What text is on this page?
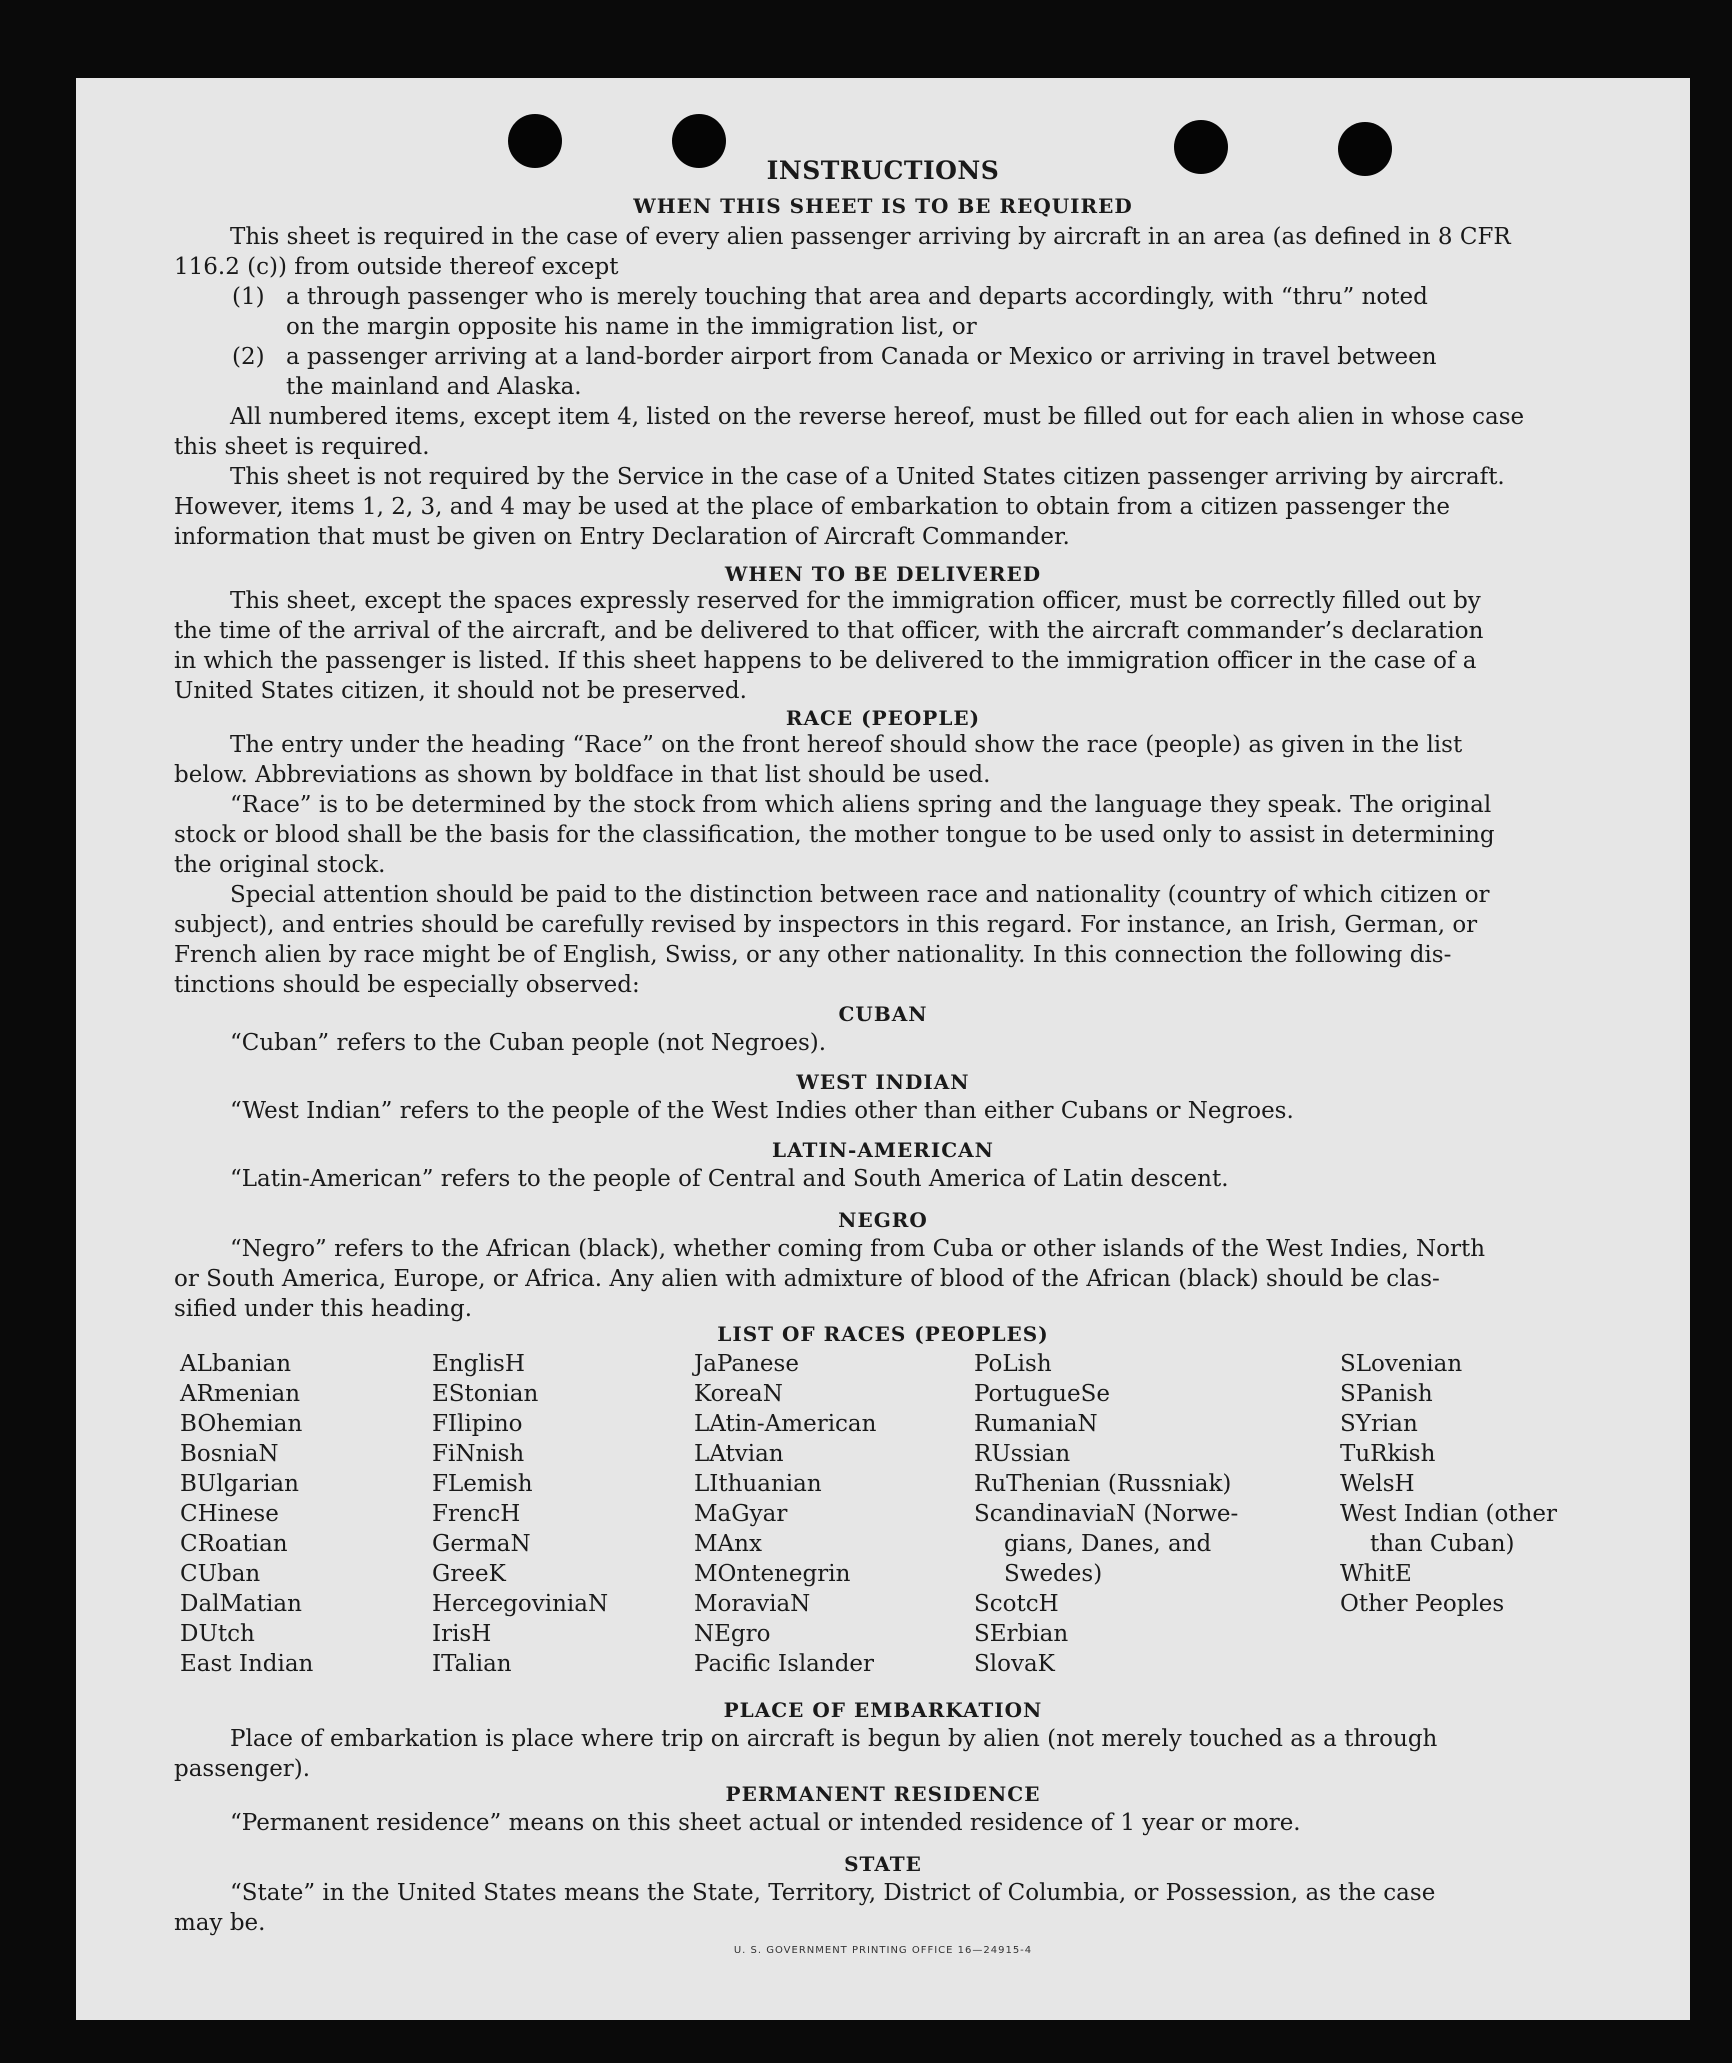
INSTRUCTIONS
WHEN THIS SHEET IS TO BE REQUIRED
This sheet is required in the case of every alien passenger arriving by aircraft in an area (as defined in 8 CFR
116.2 (c)) from outside thereof except
(1) a through passenger who is merely touching that area and departs accordingly, with “thru” noted
on the margin opposite his name in the immigration list, or
(2) a passenger arriving at a land-border airport from Canada or Mexico or arriving in travel between
the mainland and Alaska.
All numbered items, except item 4, listed on the reverse hereof, must be filled out for each alien in whose case
this sheet is required.
This sheet is not required by the Service in the case of a United States citizen passenger arriving by aircraft.
However, items 1, 2, 3, and 4 may be used at the place of embarkation to obtain from a citizen passenger the
information that must be given on Entry Declaration of Aircraft Commander.
WHEN TO BE DELIVERED
This sheet, except the spaces expressly reserved for the immigration officer, must be correctly filled out by
the time of the arrival of the aircraft, and be delivered to that officer, with the aircraft commander’s declaration
in which the passenger is listed. If this sheet happens to be delivered to the immigration officer in the case of a
United States citizen, it should not be preserved.
RACE (PEOPLE)
The entry under the heading “Race” on the front hereof should show the race (people) as given in the list
below. Abbreviations as shown by boldface in that list should be used.
“Race” is to be determined by the stock from which aliens spring and the language they speak. The original
stock or blood shall be the basis for the classification, the mother tongue to be used only to assist in determining
the original stock.
Special attention should be paid to the distinction between race and nationality (country of which citizen or
subject), and entries should be carefully revised by inspectors in this regard. For instance, an Irish, German, or
French alien by race might be of English, Swiss, or any other nationality. In this connection the following dis-
tinctions should be especially observed:
CUBAN
“Cuban” refers to the Cuban people (not Negroes).
WEST INDIAN
“West Indian” refers to the people of the West Indies other than either Cubans or Negroes.
LATIN-AMERICAN
“Latin-American” refers to the people of Central and South America of Latin descent.
NEGRO
“Negro” refers to the African (black), whether coming from Cuba or other islands of the West Indies, North
or South America, Europe, or Africa. Any alien with admixture of blood of the African (black) should be clas-
sified under this heading.
LIST OF RACES (PEOPLES)
ALbanian
ARmenian
BOhemian
BosniaN
BUlgarian
CHinese
CRoatian
CUban
DalMatian
DUtch
East Indian
EnglisH
EStonian
FIlipino
FiNnish
FLemish
FrencH
GermaN
GreeK
HercegoviniaN
IrisH
ITalian
JaPanese
KoreaN
LAtin-American
LAtvian
LIthuanian
MaGyar
MAnx
MOntenegrin
MoraviaN
NEgro
Pacific Islander
PoLish
PortugueSe
RumaniaN
RUssian
RuThenian (Russniak)
ScandinaviaN (Norwe-
gians, Danes, and
Swedes)
ScotcH
SErbian
SlovaK
SLovenian
SPanish
SYrian
TuRkish
WelsH
West Indian (other
than Cuban)
WhitE
Other Peoples
PLACE OF EMBARKATION
Place of embarkation is place where trip on aircraft is begun by alien (not merely touched as a through
passenger).
PERMANENT RESIDENCE
“Permanent residence” means on this sheet actual or intended residence of 1 year or more.
STATE
“State” in the United States means the State, Territory, District of Columbia, or Possession, as the case
may be.
U. S. GOVERNMENT PRINTING OFFICE 16—24915-4
